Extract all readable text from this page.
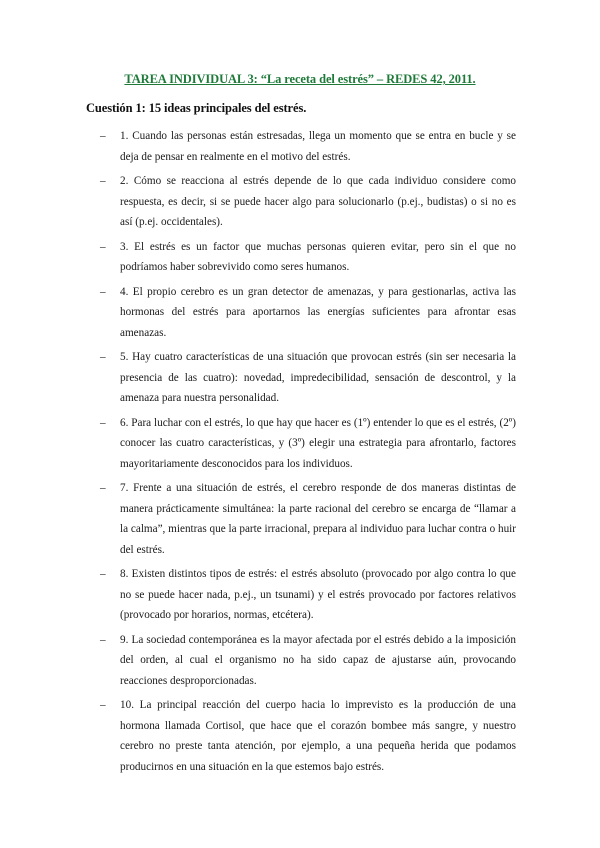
TAREA INDIVIDUAL 3: “La receta del estrés” – REDES 42, 2011.
Cuestión 1: 15 ideas principales del estrés.
– 1. Cuando las personas están estresadas, llega un momento que se entra en bucle y se deja de pensar en realmente en el motivo del estrés.
– 2. Cómo se reacciona al estrés depende de lo que cada individuo considere como respuesta, es decir, si se puede hacer algo para solucionarlo (p.ej., budistas) o si no es así (p.ej. occidentales).
– 3. El estrés es un factor que muchas personas quieren evitar, pero sin el que no podríamos haber sobrevivido como seres humanos.
– 4. El propio cerebro es un gran detector de amenazas, y para gestionarlas, activa las hormonas del estrés para aportarnos las energías suficientes para afrontar esas amenazas.
– 5. Hay cuatro características de una situación que provocan estrés (sin ser necesaria la presencia de las cuatro): novedad, impredecibilidad, sensación de descontrol, y la amenaza para nuestra personalidad.
– 6. Para luchar con el estrés, lo que hay que hacer es (1º) entender lo que es el estrés, (2º) conocer las cuatro características, y (3º) elegir una estrategia para afrontarlo, factores mayoritariamente desconocidos para los individuos.
– 7. Frente a una situación de estrés, el cerebro responde de dos maneras distintas de manera prácticamente simultánea: la parte racional del cerebro se encarga de “llamar a la calma”, mientras que la parte irracional, prepara al individuo para luchar contra o huir del estrés.
– 8. Existen distintos tipos de estrés: el estrés absoluto (provocado por algo contra lo que no se puede hacer nada, p.ej., un tsunami) y el estrés provocado por factores relativos (provocado por horarios, normas, etcétera).
– 9. La sociedad contemporánea es la mayor afectada por el estrés debido a la imposición del orden, al cual el organismo no ha sido capaz de ajustarse aún, provocando reacciones desproporcionadas.
– 10. La principal reacción del cuerpo hacia lo imprevisto es la producción de una hormona llamada Cortisol, que hace que el corazón bombee más sangre, y nuestro cerebro no preste tanta atención, por ejemplo, a una pequeña herida que podamos producirnos en una situación en la que estemos bajo estrés.
